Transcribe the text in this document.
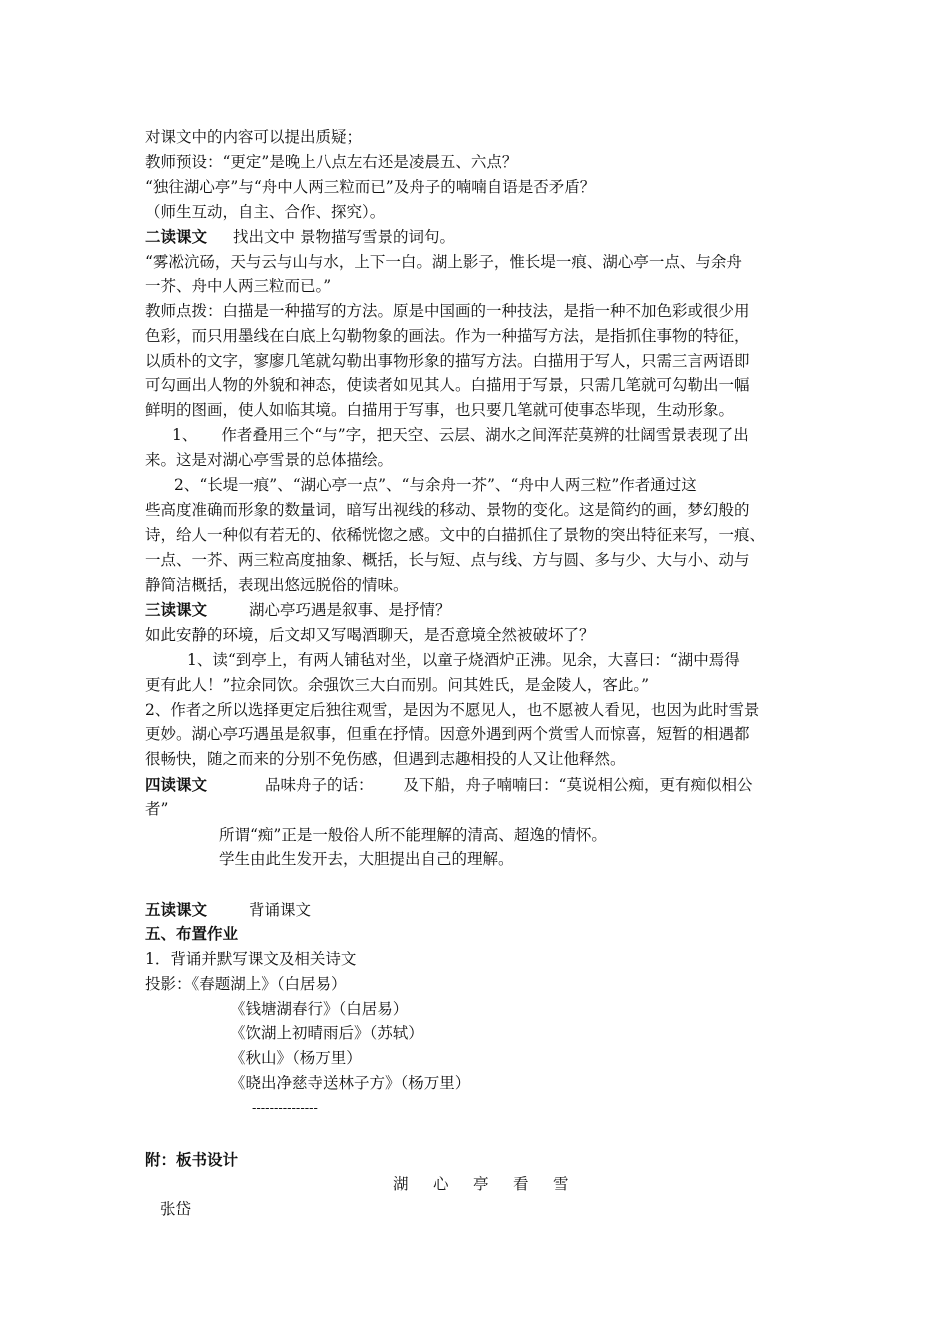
对课文中的内容可以提出质疑；
教师预设：“更定”是晚上八点左右还是凌晨五、六点？
“独往湖心亭”与“舟中人两三粒而已”及舟子的喃喃自语是否矛盾？
（师生互动，自主、合作、探究）。
二读课文 找出文中 景物描写雪景的词句。
“雾凇沆砀，天与云与山与水，上下一白。湖上影子，惟长堤一痕、湖心亭一点、与余舟
一芥、舟中人两三粒而已。”
教师点拨：白描是一种描写的方法。原是中国画的一种技法，是指一种不加色彩或很少用
色彩，而只用墨线在白底上勾勒物象的画法。作为一种描写方法，是指抓住事物的特征，
以质朴的文字，寥廖几笔就勾勒出事物形象的描写方法。白描用于写人，只需三言两语即
可勾画出人物的外貌和神态，使读者如见其人。白描用于写景，只需几笔就可勾勒出一幅
鲜明的图画，使人如临其境。白描用于写事，也只要几笔就可使事态毕现，生动形象。
1、 作者叠用三个“与”字，把天空、云层、湖水之间浑茫莫辨的壮阔雪景表现了出
来。这是对湖心亭雪景的总体描绘。
2、“长堤一痕”、“湖心亭一点”、“与余舟一芥”、“舟中人两三粒”作者通过这
些高度准确而形象的数量词，暗写出视线的移动、景物的变化。这是简约的画，梦幻般的
诗，给人一种似有若无的、依稀恍惚之感。文中的白描抓住了景物的突出特征来写，一痕、
一点、一芥、两三粒高度抽象、概括，长与短、点与线、方与圆、多与少、大与小、动与
静简洁概括，表现出悠远脱俗的情味。
三读课文	湖心亭巧遇是叙事、是抒情？
如此安静的环境，后文却又写喝酒聊天，是否意境全然被破坏了？
1、读“到亭上，有两人铺毡对坐，以童子烧酒炉正沸。见余，大喜曰：“湖中焉得
更有此人！”拉余同饮。余强饮三大白而别。问其姓氏，是金陵人，客此。”
2、作者之所以选择更定后独往观雪，是因为不愿见人，也不愿被人看见，也因为此时雪景
更妙。湖心亭巧遇虽是叙事，但重在抒情。因意外遇到两个赏雪人而惊喜，短暂的相遇都
很畅快，随之而来的分别不免伤感，但遇到志趣相投的人又让他释然。
四读课文	品味舟子的话： 及下船，舟子喃喃曰：“莫说相公痴，更有痴似相公
者”
所谓“痴”正是一般俗人所不能理解的清高、超逸的情怀。
学生由此生发开去，大胆提出自己的理解。
五读课文	背诵课文
五、布置作业
1．背诵并默写课文及相关诗文
投影：《春题湖上》（白居易）
《钱塘湖春行》（白居易）
《饮湖上初晴雨后》（苏轼）
《秋山》（杨万里）
《晓出净慈寺送林子方》（杨万里）
---------------
附：板书设计
湖 心 亭 看 雪
张岱
